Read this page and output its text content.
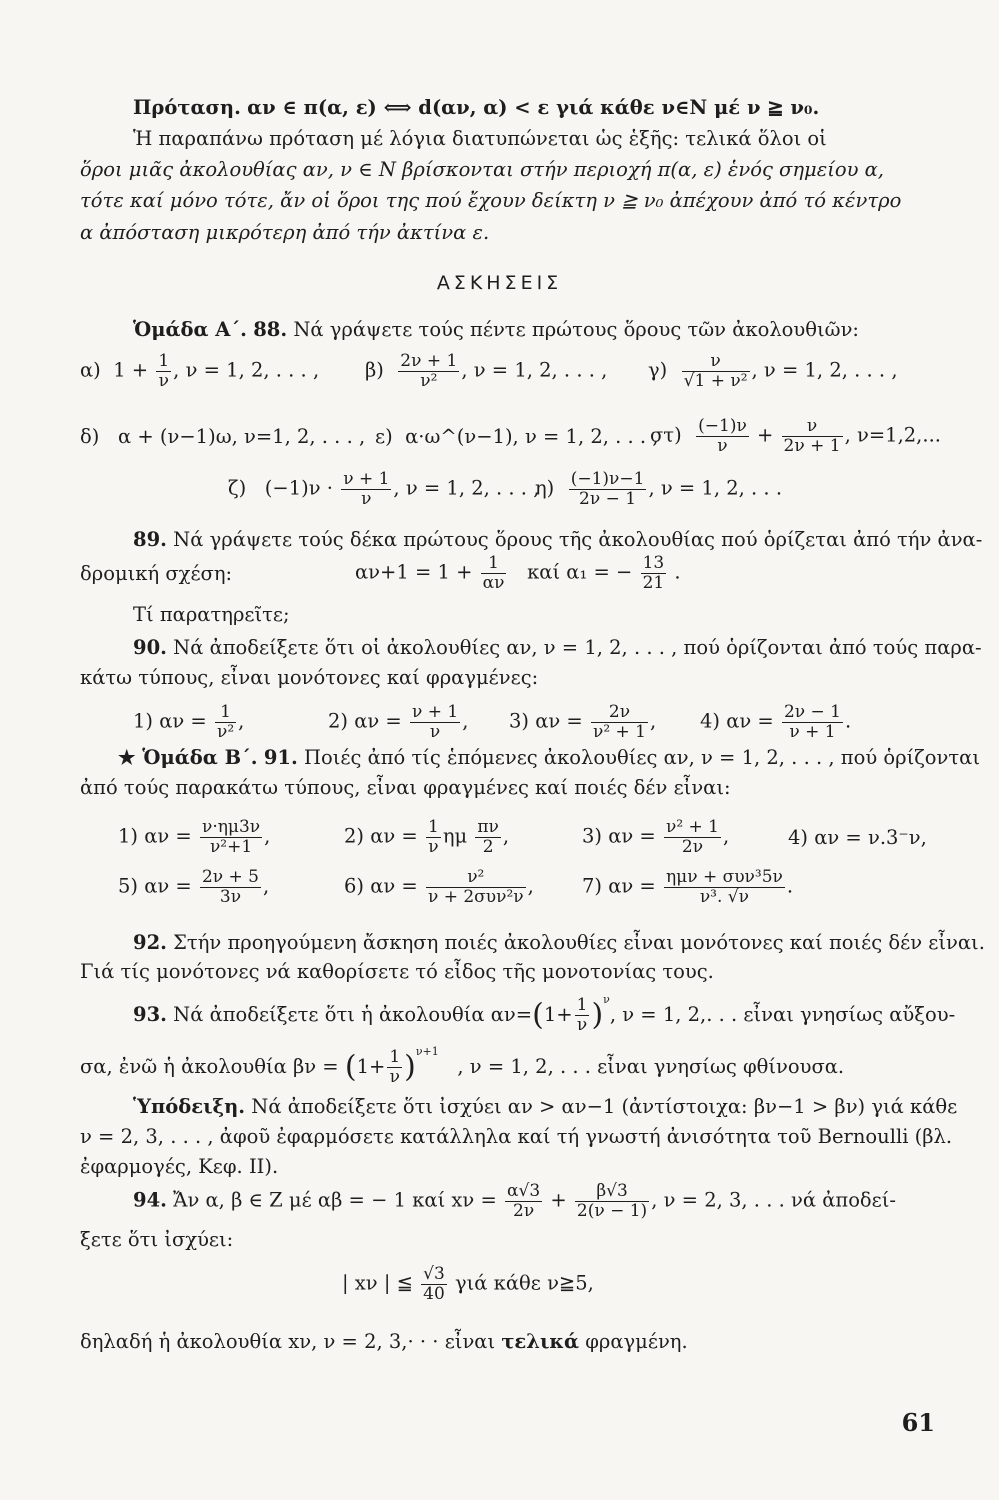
Πρόταση. αν ∈ π(α, ε) ⟺ d(αν, α) < ε γιά κάθε ν∈N μέ ν ≧ ν₀.
Ἡ παραπάνω πρόταση μέ λόγια διατυπώνεται ὡς ἑξῆς: τελικά ὅλοι οἱ
ὅροι μιᾶς ἀκολουθίας αν, ν ∈ N βρίσκονται στήν περιοχή π(α, ε) ἑνός σημείου α,
τότε καί μόνο τότε, ἄν οἱ ὅροι της πού ἔχουν δείκτη ν ≧ ν₀ ἀπέχουν ἀπό τό κέντρο
α ἀπόσταση μικρότερη ἀπό τήν ἀκτίνα ε.
ΑΣΚΗΣΕΙΣ
Ὁμάδα Α΄. 88. Νά γράψετε τούς πέντε πρώτους ὅρους τῶν ἀκολουθιῶν:
α) $1 + \frac{1}{\nu}$ , ν = 1, 2, . . . , $\beta) \frac{2\nu + 1}{\text{ν²}}$ , ν = 1, 2, . . . , $\gamma) \frac{\nu}{\text{√1 + ν²}}$ , ν = 1, 2, . . . ,
δ) α + (ν−1)ω, ν=1, 2, . . . , ε) α·ω^(ν−1), ν = 1, 2, . . . ,
$\sigma\tau) \frac{(-1)\nu}{\nu} + \frac{\nu}{2\nu + 1}$ , ν=1,2,...
ζ) $(-1)\nu \cdot \frac{\nu + 1}{\nu}$ , ν = 1, 2, . . . ,
$\eta) \frac{(-1)\nu-1}{2\nu - 1}$ , ν = 1, 2, . . .
89. Νά γράψετε τούς δέκα πρώτους ὅρους τῆς ἀκολουθίας πού ὁρίζεται ἀπό τήν ἀνα-
δρομική σχέση:	$\alpha\nu+1 = 1 + \frac{1}{\alpha\nu}$ καί α₁ = − $\frac{13}{21}$ .
Τί παρατηρεῖτε;
90. Νά ἀποδείξετε ὅτι οἱ ἀκολουθίες αν, ν = 1, 2, . . . , πού ὁρίζονται ἀπό τούς παρα-
κάτω τύπους, εἶναι μονότονες καί φραγμένες:
1) $\alpha\nu = \frac{1}{\text{ν²}}$ ,	2) $\alpha\nu = \frac{\nu + 1}{\nu}$ , 3) $\alpha\nu = \frac{2\nu}{\text{ν² + 1}}$ , 4) $\alpha\nu = \frac{2\nu - 1}{\nu + 1}$ .
★ Ὁμάδα Β΄. 91. Ποιές ἀπό τίς ἑπόμενες ἀκολουθίες αν, ν = 1, 2, . . . , πού ὁρίζονται
ἀπό τούς παρακάτω τύπους, εἶναι φραγμένες καί ποιές δέν εἶναι:
1) $\alpha\nu = \frac{\nu\cdot\eta\mu 3\nu}{\text{ν²+1}}$ ,	2) $\alpha\nu = \frac{1}{\nu}$ ημ $\frac{\pi\nu}{2}$ ,	3) $\alpha\nu = \frac{\text{ν² + 1}}{2\nu}$ ,	4) αν = ν.3⁻ν,
5) $\alpha\nu = \frac{2\nu + 5}{3\nu}$ ,	6) $\alpha\nu = \frac{\text{ν²}}{\text{ν + 2συν²ν}}$ , 7) $\alpha\nu = \frac{\text{ημν + συν³5ν}}{\text{ν³. √ν}}$ .
92. Στήν προηγούμενη ἄσκηση ποιές ἀκολουθίες εἶναι μονότονες καί ποιές δέν εἶναι.
Γιά τίς μονότονες νά καθορίσετε τό εἶδος τῆς μονοτονίας τους.
93. Νά ἀποδείξετε ὅτι ἡ ἀκολουθία $\alpha\nu=(1+ \frac{1}{\nu} )^\nu$, ν = 1, 2,. . . εἶναι γνησίως αὔξου-
σα, ἐνῶ ἡ ἀκολουθία $\beta\nu = (1+ \frac{1}{\nu} )^{\nu+1}$   , ν = 1, 2, . . . εἶναι γνησίως φθίνουσα.
Ὑπόδειξη. Νά ἀποδείξετε ὅτι ἰσχύει αν > αν−1 (ἀντίστοιχα: βν−1 > βν) γιά κάθε
ν = 2, 3, . . . , ἀφοῦ ἐφαρμόσετε κατάλληλα καί τή γνωστή ἀνισότητα τοῦ Bernoulli (βλ.
ἐφαρμογές, Κεφ. II).
94. Ἄν α, β ∈ Z μέ αβ = − 1 καί $x\nu = \frac{\alpha√3}{2\nu} + \frac{\beta√3}{2(\nu - 1)}$ , ν = 2, 3, . . . νά ἀποδεί-
ξετε ὅτι ἰσχύει:
| xν | ≦ $\frac{√3}{40}$ γιά κάθε ν≧5,
δηλαδή ἡ ἀκολουθία xν, ν = 2, 3,· · · εἶναι τελικά φραγμένη.
61
